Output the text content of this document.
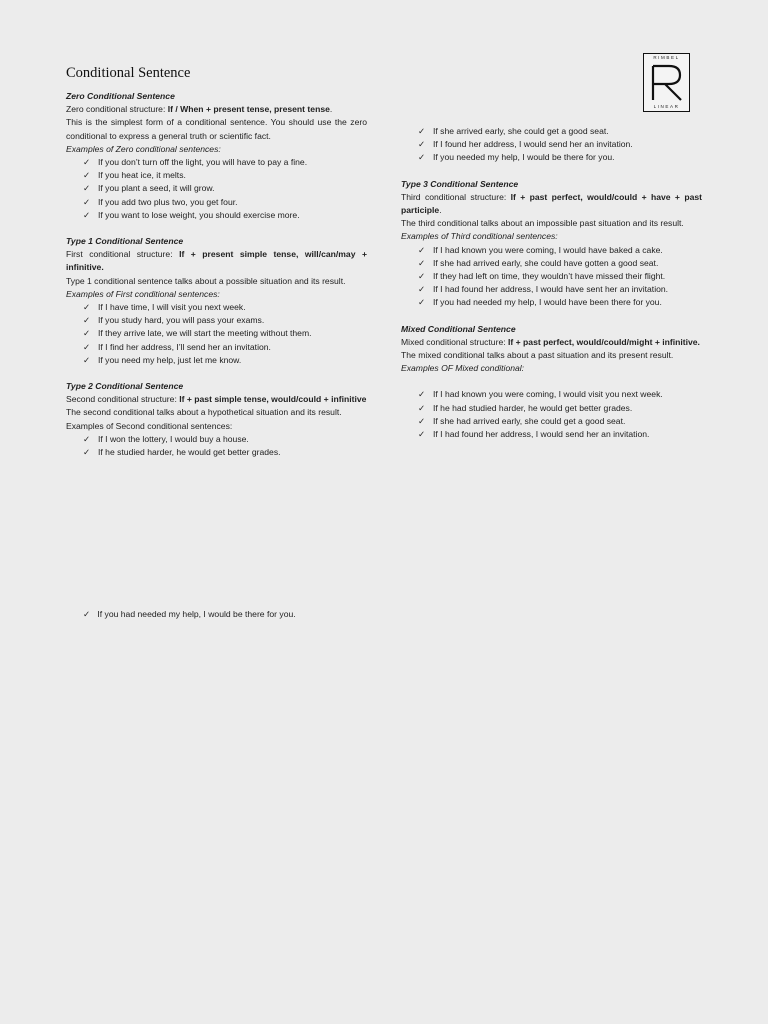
Conditional Sentence
RIMBEL
LINEAR
Zero Conditional Sentence
Zero conditional structure: If / When + present tense, present tense.
This is the simplest form of a conditional sentence. You should use the zero conditional to express a general truth or scientific fact.
Examples of Zero conditional sentences:
✓ If you don’t turn off the light, you will have to pay a fine.
✓ If you heat ice, it melts.
✓ If you plant a seed, it will grow.
✓ If you add two plus two, you get four.
✓ If you want to lose weight, you should exercise more.
Type 1 Conditional Sentence
First conditional structure: If + present simple tense, will/can/may + infinitive.
Type 1 conditional sentence talks about a possible situation and its result.
Examples of First conditional sentences:
✓ If I have time, I will visit you next week.
✓ If you study hard, you will pass your exams.
✓ If they arrive late, we will start the meeting without them.
✓ If I find her address, I’ll send her an invitation.
✓ If you need my help, just let me know.
Type 2 Conditional Sentence
Second conditional structure: If + past simple tense, would/could + infinitive
The second conditional talks about a hypothetical situation and its result.
Examples of Second conditional sentences:
✓ If I won the lottery, I would buy a house.
✓ If he studied harder, he would get better grades.
✓ If she arrived early, she could get a good seat.
✓ If I found her address, I would send her an invitation.
✓ If you needed my help, I would be there for you.
Type 3 Conditional Sentence
Third conditional structure: If + past perfect, would/could + have + past participle.
The third conditional talks about an impossible past situation and its result.
Examples of Third conditional sentences:
✓ If I had known you were coming, I would have baked a cake.
✓ If she had arrived early, she could have gotten a good seat.
✓ If they had left on time, they wouldn’t have missed their flight.
✓ If I had found her address, I would have sent her an invitation.
✓ If you had needed my help, I would have been there for you.
Mixed Conditional Sentence
Mixed conditional structure: If + past perfect, would/could/might + infinitive.
The mixed conditional talks about a past situation and its present result.
Examples OF Mixed conditional:
✓ If I had known you were coming, I would visit you next week.
✓ If he had studied harder, he would get better grades.
✓ If she had arrived early, she could get a good seat.
✓ If I had found her address, I would send her an invitation.
✓ If you had needed my help, I would be there for you.
